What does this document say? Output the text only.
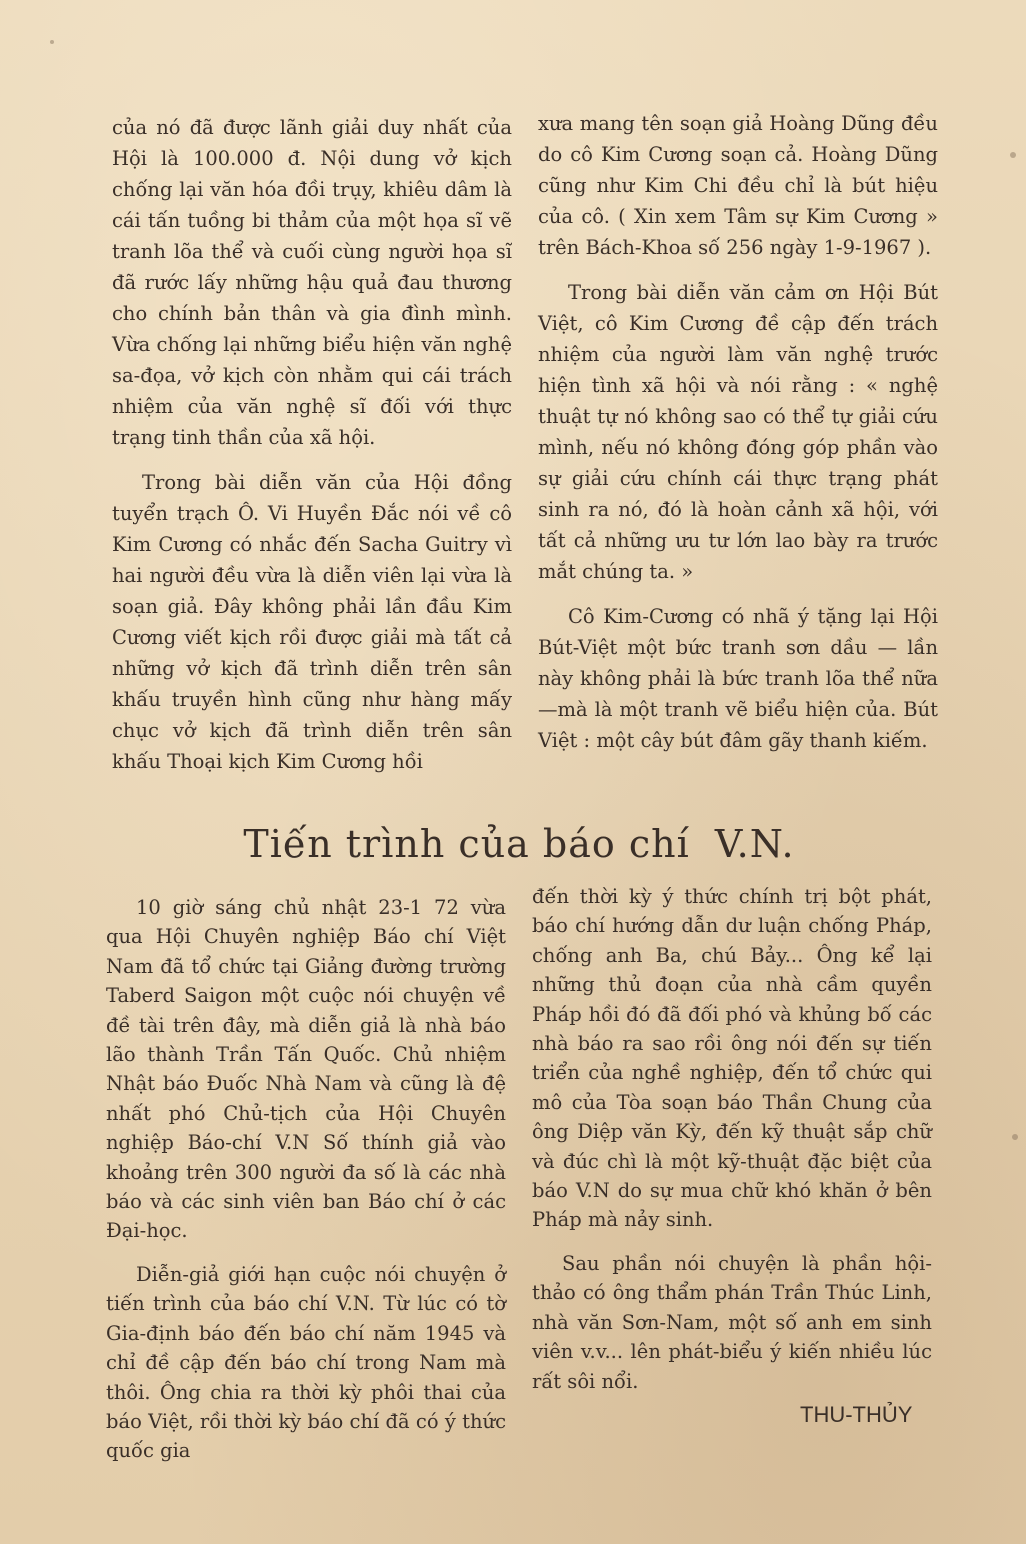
của nó đã được lãnh giải duy nhất của Hội là 100.000 đ. Nội dung vở kịch chống lại văn hóa đồi trụy, khiêu dâm là cái tấn tuồng bi thảm của một họa sĩ vẽ tranh lõa thể và cuối cùng người họa sĩ đã rước lấy những hậu quả đau thương cho chính bản thân và gia đình mình. Vừa chống lại những biểu hiện văn nghệ sa-đọa, vở kịch còn nhằm qui cái trách nhiệm của văn nghệ sĩ đối với thực trạng tinh thần của xã hội.

Trong bài diễn văn của Hội đồng tuyển trạch Ô. Vi Huyền Đắc nói về cô Kim Cương có nhắc đến Sacha Guitry vì hai người đều vừa là diễn viên lại vừa là soạn giả. Đây không phải lần đầu Kim Cương viết kịch rồi được giải mà tất cả những vở kịch đã trình diễn trên sân khấu truyền hình cũng như hàng mấy chục vở kịch đã trình diễn trên sân khấu Thoại kịch Kim Cương hồi

xưa mang tên soạn giả Hoàng Dũng đều do cô Kim Cương soạn cả. Hoàng Dũng cũng như Kim Chi đều chỉ là bút hiệu của cô. ( Xin xem Tâm sự Kim Cương » trên Bách-Khoa số 256 ngày 1-9-1967 ).

Trong bài diễn văn cảm ơn Hội Bút Việt, cô Kim Cương đề cập đến trách nhiệm của người làm văn nghệ trước hiện tình xã hội và nói rằng : « nghệ thuật tự nó không sao có thể tự giải cứu mình, nếu nó không đóng góp phần vào sự giải cứu chính cái thực trạng phát sinh ra nó, đó là hoàn cảnh xã hội, với tất cả những ưu tư lớn lao bày ra trước mắt chúng ta. »

Cô Kim-Cương có nhã ý tặng lại Hội Bút-Việt một bức tranh sơn dầu — lần này không phải là bức tranh lõa thể nữa—mà là một tranh vẽ biểu hiện của. Bút Việt : một cây bút đâm gãy thanh kiếm.

Tiến trình của báo chí V.N.

10 giờ sáng chủ nhật 23-1 72 vừa qua Hội Chuyên nghiệp Báo chí Việt Nam đã tổ chức tại Giảng đường trường Taberd Saigon một cuộc nói chuyện về đề tài trên đây, mà diễn giả là nhà báo lão thành Trần Tấn Quốc. Chủ nhiệm Nhật báo Đuốc Nhà Nam và cũng là đệ nhất phó Chủ-tịch của Hội Chuyên nghiệp Báo-chí V.N Số thính giả vào khoảng trên 300 người đa số là các nhà báo và các sinh viên ban Báo chí ở các Đại-học.

Diễn-giả giới hạn cuộc nói chuyện ở tiến trình của báo chí V.N. Từ lúc có tờ Gia-định báo đến báo chí năm 1945 và chỉ đề cập đến báo chí trong Nam mà thôi. Ông chia ra thời kỳ phôi thai của báo Việt, rồi thời kỳ báo chí đã có ý thức quốc gia

đến thời kỳ ý thức chính trị bột phát, báo chí hướng dẫn dư luận chống Pháp, chống anh Ba, chú Bảy... Ông kể lại những thủ đoạn của nhà cầm quyền Pháp hồi đó đã đối phó và khủng bố các nhà báo ra sao rồi ông nói đến sự tiến triển của nghề nghiệp, đến tổ chức qui mô của Tòa soạn báo Thần Chung của ông Diệp văn Kỳ, đến kỹ thuật sắp chữ và đúc chì là một kỹ-thuật đặc biệt của báo V.N do sự mua chữ khó khăn ở bên Pháp mà nảy sinh.

Sau phần nói chuyện là phần hội-thảo có ông thẩm phán Trần Thúc Linh, nhà văn Sơn-Nam, một số anh em sinh viên v.v... lên phát-biểu ý kiến nhiều lúc rất sôi nổi.

THU-THỦY
